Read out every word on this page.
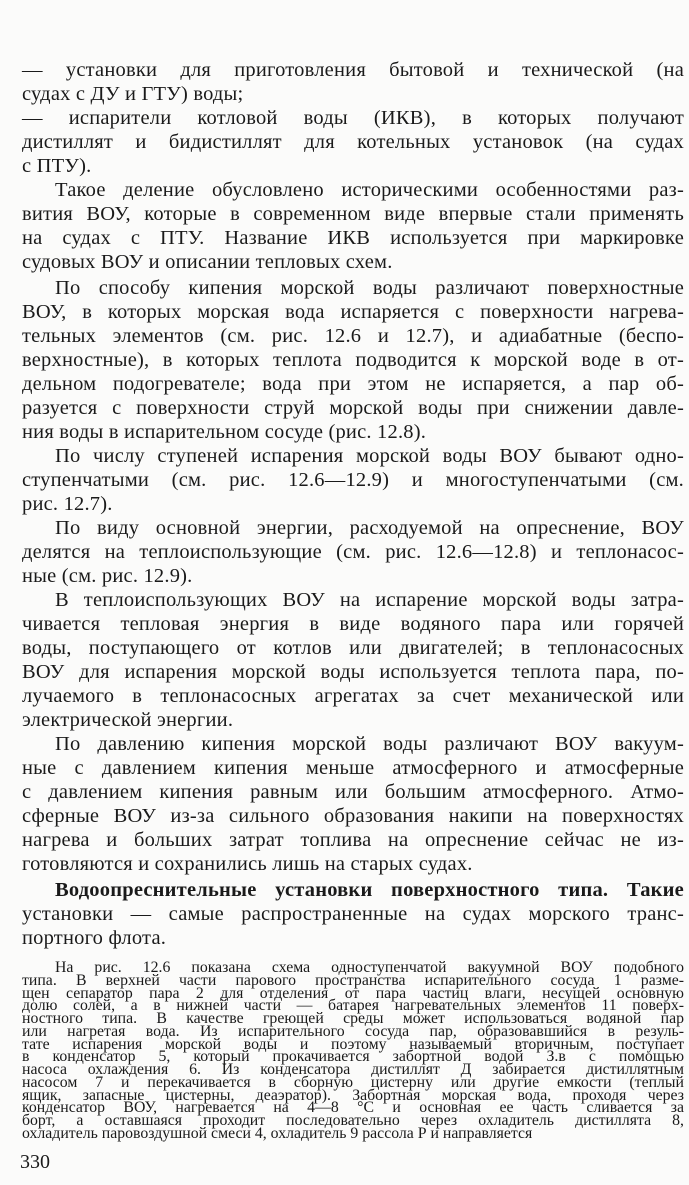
— установки для приготовления бытовой и технической (на
судах с ДУ и ГТУ) воды;
— испарители котловой воды (ИКВ), в которых получают
дистиллят и бидистиллят для котельных установок (на судах
с ПТУ).
Такое деление обусловлено историческими особенностями раз-
вития ВОУ, которые в современном виде впервые стали применять
на судах с ПТУ. Название ИКВ используется при маркировке
судовых ВОУ и описании тепловых схем.
По способу кипения морской воды различают поверхностные
ВОУ, в которых морская вода испаряется с поверхности нагрева-
тельных элементов (см. рис. 12.6 и 12.7), и адиабатные (беспо-
верхностные), в которых теплота подводится к морской воде в от-
дельном подогревателе; вода при этом не испаряется, а пар об-
разуется с поверхности струй морской воды при снижении давле-
ния воды в испарительном сосуде (рис. 12.8).
По числу ступеней испарения морской воды ВОУ бывают одно-
ступенчатыми (см. рис. 12.6—12.9) и многоступенчатыми (см.
рис. 12.7).
По виду основной энергии, расходуемой на опреснение, ВОУ
делятся на теплоиспользующие (см. рис. 12.6—12.8) и теплонасос-
ные (см. рис. 12.9).
В теплоиспользующих ВОУ на испарение морской воды затра-
чивается тепловая энергия в виде водяного пара или горячей
воды, поступающего от котлов или двигателей; в теплонасосных
ВОУ для испарения морской воды используется теплота пара, по-
лучаемого в теплонасосных агрегатах за счет механической или
электрической энергии.
По давлению кипения морской воды различают ВОУ вакуум-
ные с давлением кипения меньше атмосферного и атмосферные
с давлением кипения равным или большим атмосферного. Атмо-
сферные ВОУ из-за сильного образования накипи на поверхностях
нагрева и больших затрат топлива на опреснение сейчас не из-
готовляются и сохранились лишь на старых судах.
Водоопреснительные установки поверхностного типа. Такие
установки — самые распространенные на судах морского транс-
портного флота.
На рис. 12.6 показана схема одноступенчатой вакуумной ВОУ подобного
типа. В верхней части парового пространства испарительного сосуда 1 разме-
щен сепаратор пара 2 для отделения от пара частиц влаги, несущей основную
долю солей, а в нижней части — батарея нагревательных элементов 11 поверх-
ностного типа. В качестве греющей среды может использоваться водяной пар
или нагретая вода. Из испарительного сосуда пар, образовавшийся в резуль-
тате испарения морской воды и поэтому называемый вторичным, поступает
в конденсатор 5, который прокачивается забортной водой З.в с помощью
насоса охлаждения 6. Из конденсатора дистиллят Д забирается дистиллятным
насосом 7 и перекачивается в сборную цистерну или другие емкости (теплый
ящик, запасные цистерны, деаэратор). Забортная морская вода, проходя через
конденсатор ВОУ, нагревается на 4—8 °С и основная ее часть сливается за
борт, а оставшаяся проходит последовательно через охладитель дистиллята 8,
охладитель паровоздушной смеси 4, охладитель 9 рассола Р и направляется
330
